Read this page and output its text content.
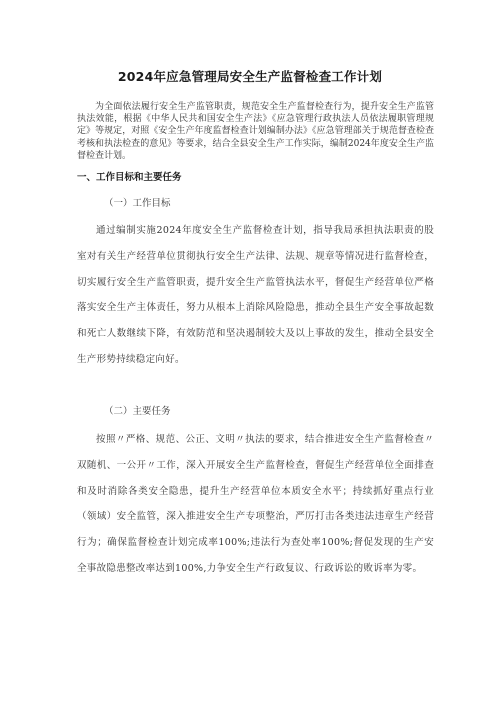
2024年应急管理局安全生产监督检查工作计划
为全面依法履行安全生产监管职责，规范安全生产监督检查行为，提升安全生产监管执法效能，根据《中华人民共和国安全生产法》《应急管理行政执法人员依法履职管理规定》等规定，对照《安全生产年度监督检查计划编制办法》《应急管理部关于规范督查检查考核和执法检查的意见》等要求，结合全县安全生产工作实际，编制2024年度安全生产监督检查计划。
一、工作目标和主要任务
（一）工作目标
通过编制实施2024年度安全生产监督检查计划，指导我局承担执法职责的股室对有关生产经营单位贯彻执行安全生产法律、法规、规章等情况进行监督检查，切实履行安全生产监管职责，提升安全生产监管执法水平，督促生产经营单位严格落实安全生产主体责任，努力从根本上消除风险隐患，推动全县生产安全事故起数和死亡人数继续下降，有效防范和坚决遏制较大及以上事故的发生，推动全县安全生产形势持续稳定向好。
（二）主要任务
按照〃严格、规范、公正、文明〃执法的要求，结合推进安全生产监督检查〃双随机、一公开〃工作，深入开展安全生产监督检查，督促生产经营单位全面排查和及时消除各类安全隐患，提升生产经营单位本质安全水平；持续抓好重点行业（领域）安全监管，深入推进安全生产专项整治，严厉打击各类违法违章生产经营行为；确保监督检查计划完成率100%;违法行为查处率100%;督促发现的生产安全事故隐患整改率达到100%,力争安全生产行政复议、行政诉讼的败诉率为零。
